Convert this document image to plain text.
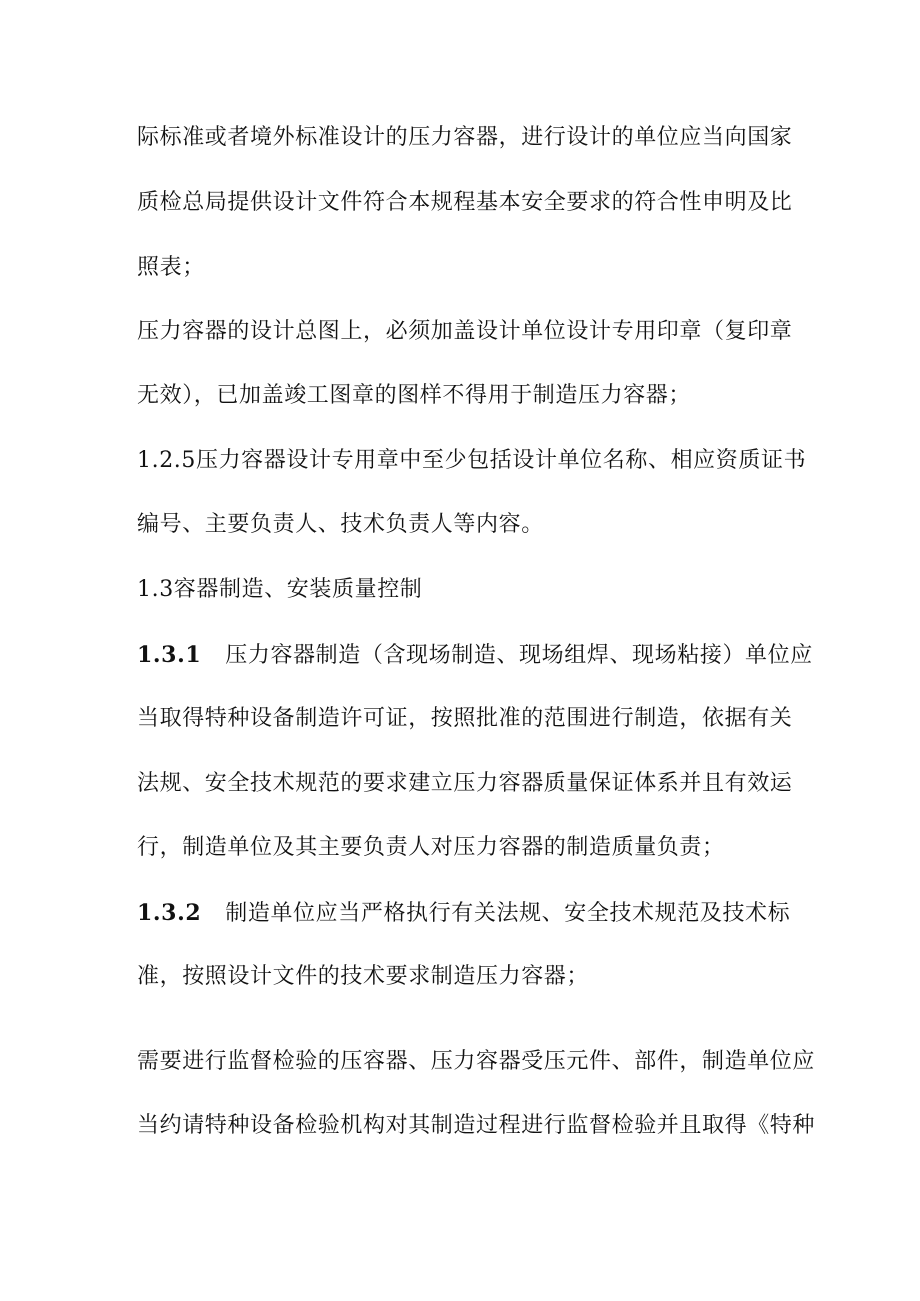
际标准或者境外标准设计的压力容器，进行设计的单位应当向国家
质检总局提供设计文件符合本规程基本安全要求的符合性申明及比
照表；
压力容器的设计总图上，必须加盖设计单位设计专用印章（复印章
无效），已加盖竣工图章的图样不得用于制造压力容器；
1.2.5压力容器设计专用章中至少包括设计单位名称、相应资质证书
编号、主要负责人、技术负责人等内容。
1.3容器制造、安装质量控制
1.3.1 压力容器制造（含现场制造、现场组焊、现场粘接）单位应
当取得特种设备制造许可证，按照批准的范围进行制造，依据有关
法规、安全技术规范的要求建立压力容器质量保证体系并且有效运
行，制造单位及其主要负责人对压力容器的制造质量负责；
1.3.2 制造单位应当严格执行有关法规、安全技术规范及技术标
准，按照设计文件的技术要求制造压力容器；
需要进行监督检验的压容器、压力容器受压元件、部件，制造单位应
当约请特种设备检验机构对其制造过程进行监督检验并且取得《特种
